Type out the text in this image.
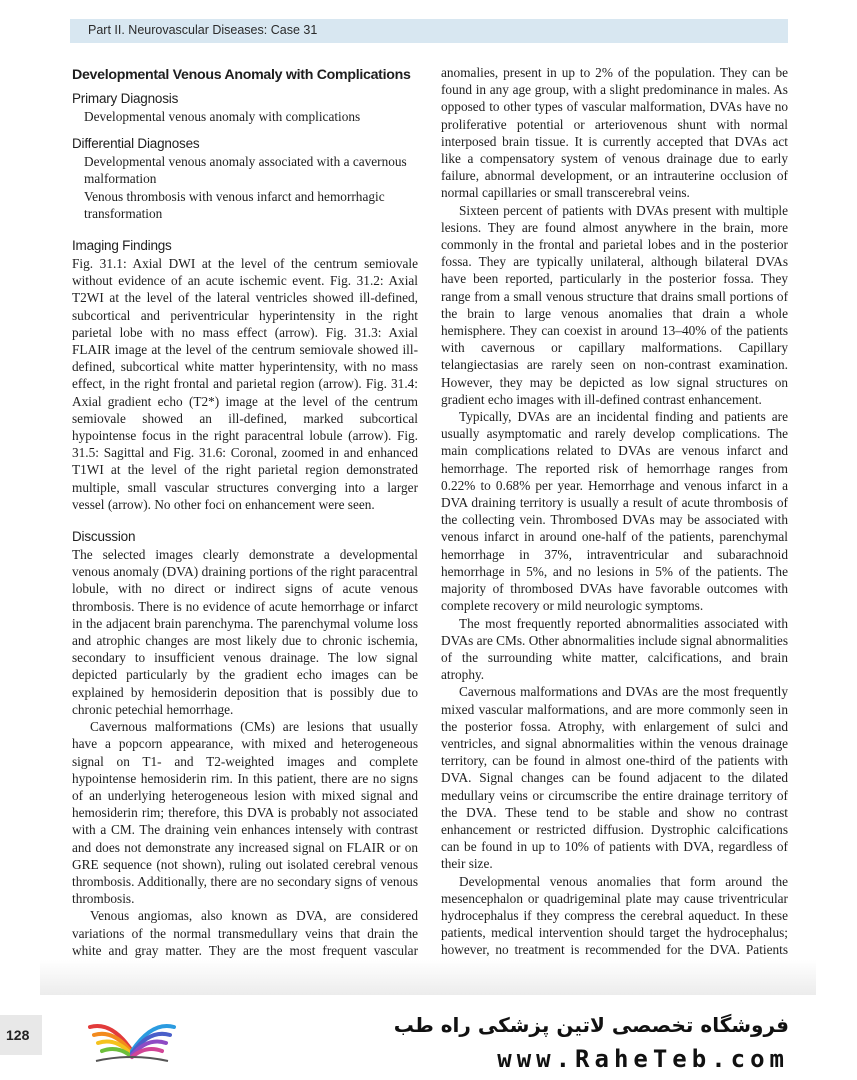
Part II. Neurovascular Diseases: Case 31
Developmental Venous Anomaly with Complications
Primary Diagnosis
Developmental venous anomaly with complications
Differential Diagnoses
Developmental venous anomaly associated with a cavernous malformation
Venous thrombosis with venous infarct and hemorrhagic transformation
Imaging Findings

Fig. 31.1: Axial DWI at the level of the centrum semiovale without evidence of an acute ischemic event. Fig. 31.2: Axial T2WI at the level of the lateral ventricles showed ill-defined, subcortical and periventricular hyperintensity in the right parietal lobe with no mass effect (arrow). Fig. 31.3: Axial FLAIR image at the level of the centrum semiovale showed ill-defined, subcortical white matter hyperintensity, with no mass effect, in the right frontal and parietal region (arrow). Fig. 31.4: Axial gradient echo (T2*) image at the level of the centrum semiovale showed an ill-defined, marked subcortical hypointense focus in the right paracentral lobule (arrow). Fig. 31.5: Sagittal and Fig. 31.6: Coronal, zoomed in and enhanced T1WI at the level of the right parietal region demonstrated multiple, small vascular structures converging into a larger vessel (arrow). No other foci on enhancement were seen.

Discussion

The selected images clearly demonstrate a developmental venous anomaly (DVA) draining portions of the right paracentral lobule, with no direct or indirect signs of acute venous thrombosis. There is no evidence of acute hemorrhage or infarct in the adjacent brain parenchyma. The parenchymal volume loss and atrophic changes are most likely due to chronic ischemia, secondary to insufficient venous drainage. The low signal depicted particularly by the gradient echo images can be explained by hemosiderin deposition that is possibly due to chronic petechial hemorrhage.

Cavernous malformations (CMs) are lesions that usually have a popcorn appearance, with mixed and heterogeneous signal on T1- and T2-weighted images and complete hypointense hemosiderin rim. In this patient, there are no signs of an underlying heterogeneous lesion with mixed signal and hemosiderin rim; therefore, this DVA is probably not associated with a CM. The draining vein enhances intensely with contrast and does not demonstrate any increased signal on FLAIR or on GRE sequence (not shown), ruling out isolated cerebral venous thrombosis. Additionally, there are no secondary signs of venous thrombosis.

Venous angiomas, also known as DVA, are considered variations of the normal transmedullary veins that drain the white and gray matter. They are the most frequent vascular

anomalies, present in up to 2% of the population. They can be found in any age group, with a slight predominance in males. As opposed to other types of vascular malformation, DVAs have no proliferative potential or arteriovenous shunt with normal interposed brain tissue. It is currently accepted that DVAs act like a compensatory system of venous drainage due to early failure, abnormal development, or an intrauterine occlusion of normal capillaries or small transcerebral veins.

Sixteen percent of patients with DVAs present with multiple lesions. They are found almost anywhere in the brain, more commonly in the frontal and parietal lobes and in the posterior fossa. They are typically unilateral, although bilateral DVAs have been reported, particularly in the posterior fossa. They range from a small venous structure that drains small portions of the brain to large venous anomalies that drain a whole hemisphere. They can coexist in around 13–40% of the patients with cavernous or capillary malformations. Capillary telangiectasias are rarely seen on non-contrast examination. However, they may be depicted as low signal structures on gradient echo images with ill-defined contrast enhancement.

Typically, DVAs are an incidental finding and patients are usually asymptomatic and rarely develop complications. The main complications related to DVAs are venous infarct and hemorrhage. The reported risk of hemorrhage ranges from 0.22% to 0.68% per year. Hemorrhage and venous infarct in a DVA draining territory is usually a result of acute thrombosis of the collecting vein. Thrombosed DVAs may be associated with venous infarct in around one-half of the patients, parenchymal hemorrhage in 37%, intraventricular and subarachnoid hemorrhage in 5%, and no lesions in 5% of the patients. The majority of thrombosed DVAs have favorable outcomes with complete recovery or mild neurologic symptoms.

The most frequently reported abnormalities associated with DVAs are CMs. Other abnormalities include signal abnormalities of the surrounding white matter, calcifications, and brain atrophy.

Cavernous malformations and DVAs are the most frequently mixed vascular malformations, and are more commonly seen in the posterior fossa. Atrophy, with enlargement of sulci and ventricles, and signal abnormalities within the venous drainage territory, can be found in almost one-third of the patients with DVA. Signal changes can be found adjacent to the dilated medullary veins or circumscribe the entire drainage territory of the DVA. These tend to be stable and show no contrast enhancement or restricted diffusion. Dystrophic calcifications can be found in up to 10% of patients with DVA, regardless of their size.

Developmental venous anomalies that form around the mesencephalon or quadrigeminal plate may cause triventricular hydrocephalus if they compress the cerebral aqueduct. In these patients, medical intervention should target the hydrocephalus; however, no treatment is recommended for the DVA. Patients

128	فروشگاه تخصصی لاتین پزشکی راه طب
www.RaheTeb.com
